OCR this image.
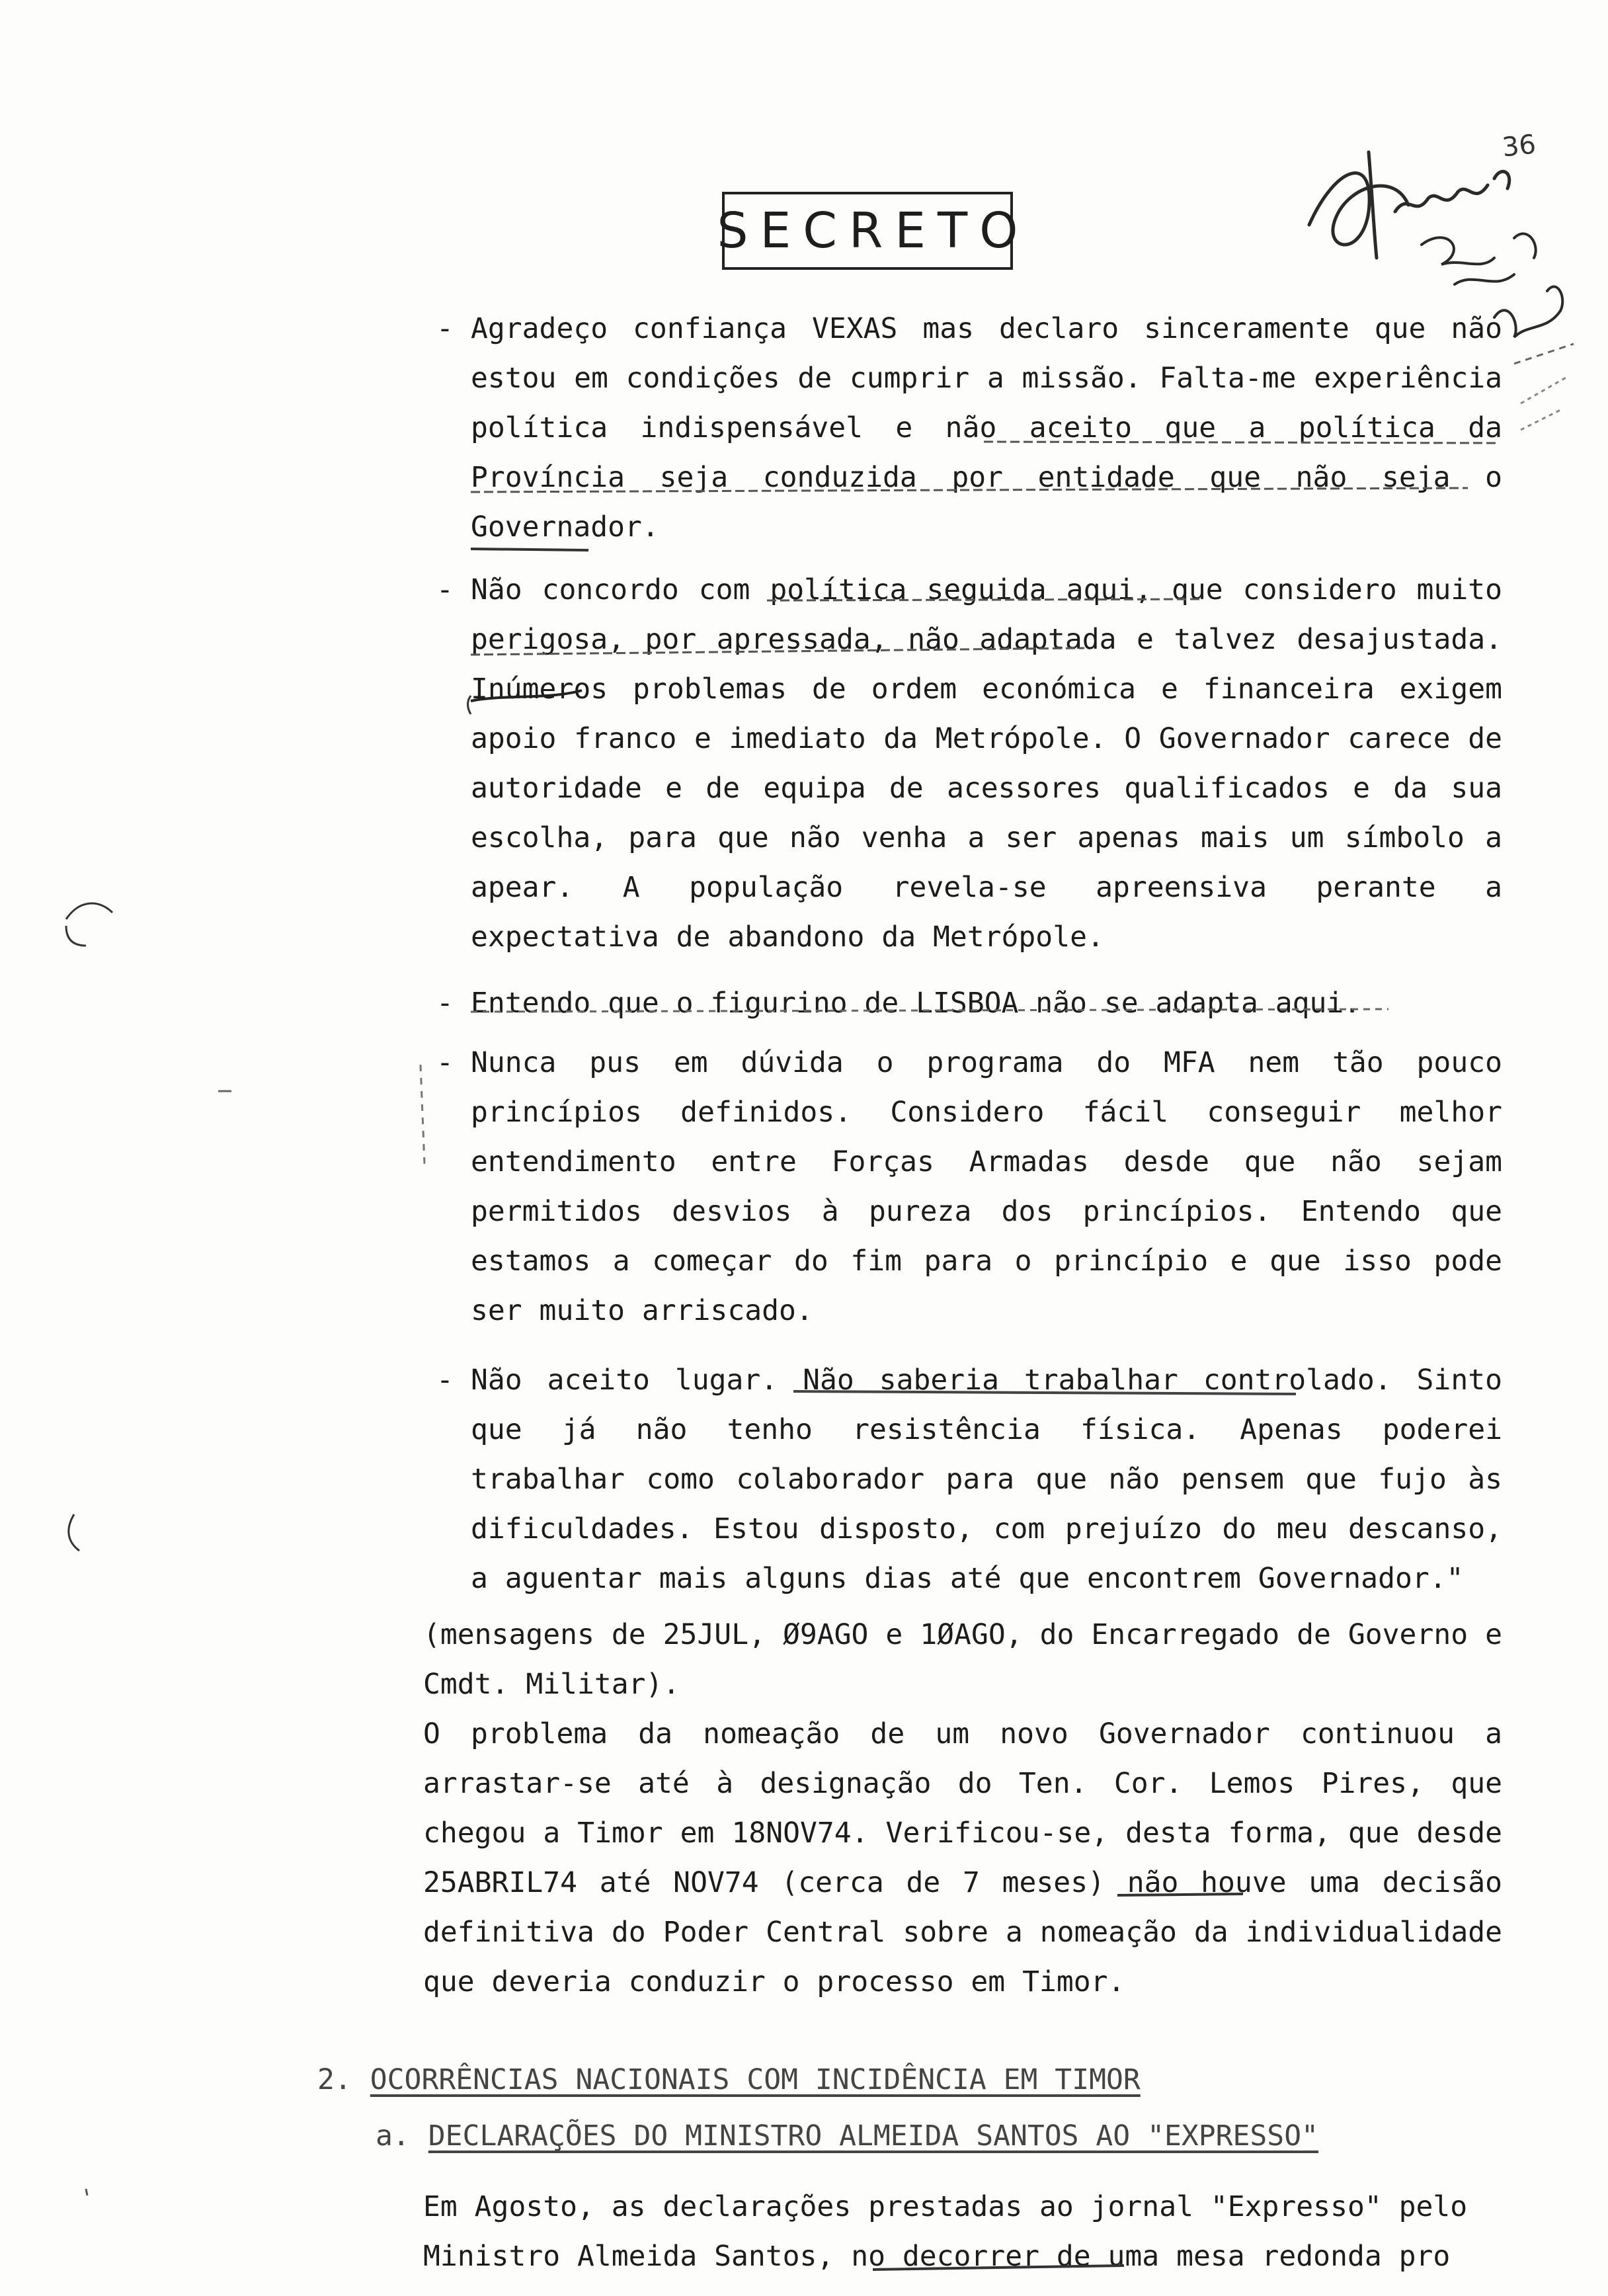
36
SECRETO
- Agradeço confiança VEXAS mas declaro sinceramente que não estou em condições de cumprir a missão. Falta-me experiência política indispensável e não aceito que a política da Província seja conduzida por entidade que não seja o Governador.

- Não concordo com política seguida aqui, que considero muito perigosa, por apressada, não adaptada e talvez desajustada. Inúmeros problemas de ordem económica e financeira exigem apoio franco e imediato da Metrópole. O Governador carece de autoridade e de equipa de acessores qualificados e da sua escolha, para que não venha a ser apenas mais um símbolo a apear. A população revela-se apreensiva perante a expectativa de abandono da Metrópole.

- Entendo que o figurino de LISBOA não se adapta aqui.

- Nunca pus em dúvida o programa do MFA nem tão pouco princípios definidos. Considero fácil conseguir melhor entendimento entre Forças Armadas desde que não sejam permitidos desvios à pureza dos princípios. Entendo que estamos a começar do fim para o princípio e que isso pode ser muito arriscado.

- Não aceito lugar. Não saberia trabalhar controlado. Sinto que já não tenho resistência física. Apenas poderei trabalhar como colaborador para que não pensem que fujo às dificuldades. Estou disposto, com prejuízo do meu descanso, a aguentar mais alguns dias até que encontrem Governador."

(mensagens de 25JUL, Ø9AGO e 1ØAGO, do Encarregado de Governo e Cmdt. Militar).

O problema da nomeação de um novo Governador continuou a arrastar-se até à designação do Ten. Cor. Lemos Pires, que chegou a Timor em 18NOV74. Verificou-se, desta forma, que desde 25ABRIL74 até NOV74 (cerca de 7 meses) não houve uma decisão definitiva do Poder Central sobre a nomeação da individualidade que deveria conduzir o processo em Timor.

2. OCORRÊNCIAS NACIONAIS COM INCIDÊNCIA EM TIMOR
a. DECLARAÇÕES DO MINISTRO ALMEIDA SANTOS AO "EXPRESSO"

Em Agosto, as declarações prestadas ao jornal "Expresso" pelo Ministro Almeida Santos, no decorrer de uma mesa redonda pro
